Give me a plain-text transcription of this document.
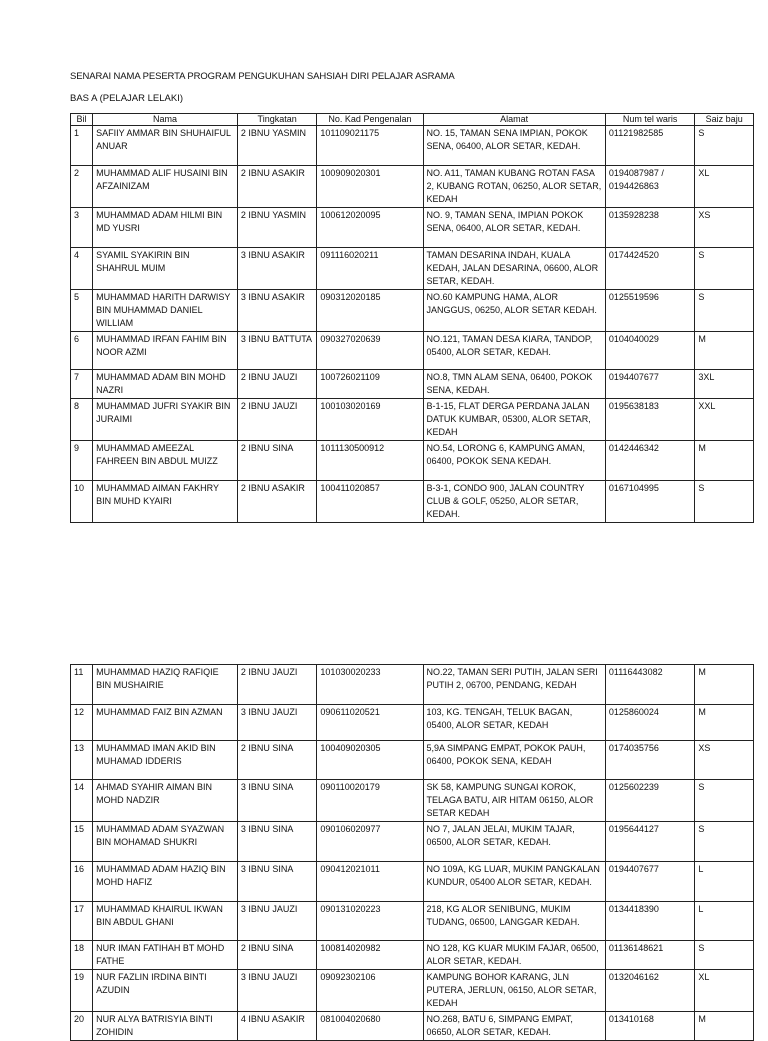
SENARAI NAMA PESERTA PROGRAM PENGUKUHAN SAHSIAH DIRI PELAJAR ASRAMA
BAS A (PELAJAR LELAKI)
Bil	Nama	Tingkatan	No. Kad Pengenalan	Alamat	Num tel waris	Saiz baju
1	SAFIIY AMMAR BIN SHUHAIFUL ANUAR	2 IBNU YASMIN	101109021175	NO. 15, TAMAN SENA IMPIAN, POKOK SENA, 06400, ALOR SETAR, KEDAH.	01121982585	S
2	MUHAMMAD ALIF HUSAINI BIN AFZAINIZAM	2 IBNU ASAKIR	100909020301	NO. A11, TAMAN KUBANG ROTAN FASA 2, KUBANG ROTAN, 06250, ALOR SETAR, KEDAH	0194087987 / 0194426863	XL
3	MUHAMMAD ADAM HILMI BIN MD YUSRI	2 IBNU YASMIN	100612020095	NO. 9, TAMAN SENA, IMPIAN POKOK SENA, 06400, ALOR SETAR, KEDAH.	0135928238	XS
4	SYAMIL SYAKIRIN BIN SHAHRUL MUIM	3 IBNU ASAKIR	091116020211	TAMAN DESARINA INDAH, KUALA KEDAH, JALAN DESARINA, 06600, ALOR SETAR, KEDAH.	0174424520	S
5	MUHAMMAD HARITH DARWISY BIN MUHAMMAD DANIEL WILLIAM	3 IBNU ASAKIR	090312020185	NO.60 KAMPUNG HAMA, ALOR JANGGUS, 06250, ALOR SETAR KEDAH.	0125519596	S
6	MUHAMMAD IRFAN FAHIM BIN NOOR AZMI	3 IBNU BATTUTA	090327020639	NO.121, TAMAN DESA KIARA, TANDOP, 05400, ALOR SETAR, KEDAH.	0104040029	M
7	MUHAMMAD ADAM BIN MOHD NAZRI	2 IBNU JAUZI	100726021109	NO.8, TMN ALAM SENA, 06400, POKOK SENA, KEDAH.	0194407677	3XL
8	MUHAMMAD JUFRI SYAKIR BIN JURAIMI	2 IBNU JAUZI	100103020169	B-1-15, FLAT DERGA PERDANA JALAN DATUK KUMBAR, 05300, ALOR SETAR, KEDAH	0195638183	XXL
9	MUHAMMAD AMEEZAL FAHREEN BIN ABDUL MUIZZ	2 IBNU SINA	1011130500912	NO.54, LORONG 6, KAMPUNG AMAN, 06400, POKOK SENA KEDAH.	0142446342	M
10	MUHAMMAD AIMAN FAKHRY BIN MUHD KYAIRI	2 IBNU ASAKIR	100411020857	B-3-1, CONDO 900, JALAN COUNTRY CLUB & GOLF, 05250, ALOR SETAR, KEDAH.	0167104995	S
11	MUHAMMAD HAZIQ RAFIQIE BIN MUSHAIRIE	2 IBNU JAUZI	101030020233	NO.22, TAMAN SERI PUTIH, JALAN SERI PUTIH 2, 06700, PENDANG, KEDAH	01116443082	M
12	MUHAMMAD FAIZ BIN AZMAN	3 IBNU JAUZI	090611020521	103, KG. TENGAH, TELUK BAGAN, 05400, ALOR SETAR, KEDAH	0125860024	M
13	MUHAMMAD IMAN AKID BIN MUHAMAD IDDERIS	2 IBNU SINA	100409020305	5,9A SIMPANG EMPAT, POKOK PAUH, 06400, POKOK SENA, KEDAH	0174035756	XS
14	AHMAD SYAHIR AIMAN BIN MOHD NADZIR	3 IBNU SINA	090110020179	SK 58, KAMPUNG SUNGAI KOROK, TELAGA BATU, AIR HITAM 06150, ALOR SETAR KEDAH	0125602239	S
15	MUHAMMAD ADAM SYAZWAN BIN MOHAMAD SHUKRI	3 IBNU SINA	090106020977	NO 7, JALAN JELAI, MUKIM TAJAR, 06500, ALOR SETAR, KEDAH.	0195644127	S
16	MUHAMMAD ADAM HAZIQ BIN MOHD HAFIZ	3 IBNU SINA	090412021011	NO 109A, KG LUAR, MUKIM PANGKALAN KUNDUR, 05400 ALOR SETAR, KEDAH.	0194407677	L
17	MUHAMMAD KHAIRUL IKWAN BIN ABDUL GHANI	3 IBNU JAUZI	090131020223	218, KG ALOR SENIBUNG, MUKIM TUDANG, 06500, LANGGAR KEDAH.	0134418390	L
18	NUR IMAN FATIHAH BT MOHD FATHE	2 IBNU SINA	100814020982	NO 128, KG KUAR MUKIM FAJAR, 06500, ALOR SETAR, KEDAH.	01136148621	S
19	NUR FAZLIN IRDINA BINTI AZUDIN	3 IBNU JAUZI	09092302106	KAMPUNG BOHOR KARANG, JLN PUTERA, JERLUN, 06150, ALOR SETAR, KEDAH	0132046162	XL
20	NUR ALYA BATRISYIA BINTI ZOHIDIN	4 IBNU ASAKIR	081004020680	NO.268, BATU 6, SIMPANG EMPAT, 06650, ALOR SETAR, KEDAH.	013410168	M
